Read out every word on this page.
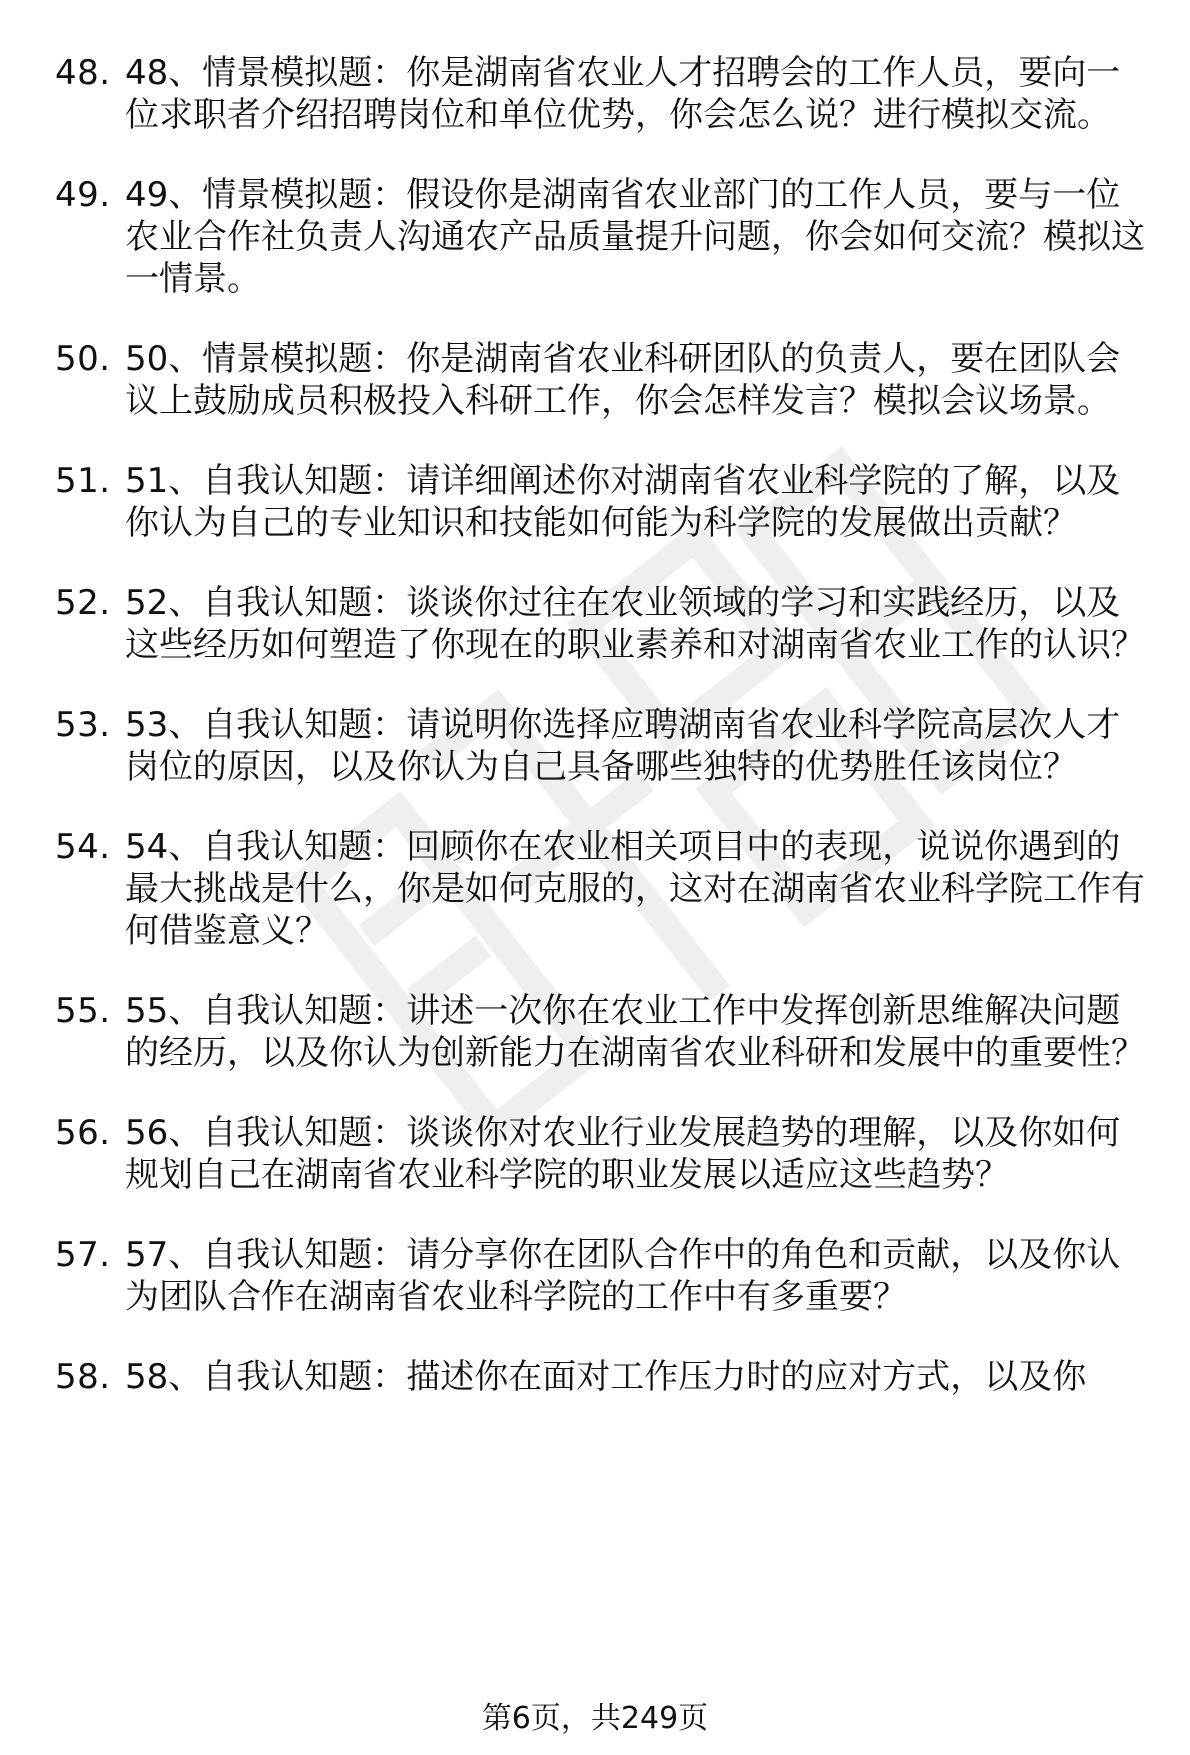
48. 48、情景模拟题：你是湖南省农业人才招聘会的工作人员，要向一位求职者介绍招聘岗位和单位优势，你会怎么说？进行模拟交流。
49. 49、情景模拟题：假设你是湖南省农业部门的工作人员，要与一位农业合作社负责人沟通农产品质量提升问题，你会如何交流？模拟这一情景。
50. 50、情景模拟题：你是湖南省农业科研团队的负责人，要在团队会议上鼓励成员积极投入科研工作，你会怎样发言？模拟会议场景。
51. 51、自我认知题：请详细阐述你对湖南省农业科学院的了解，以及你认为自己的专业知识和技能如何能为科学院的发展做出贡献？
52. 52、自我认知题：谈谈你过往在农业领域的学习和实践经历，以及这些经历如何塑造了你现在的职业素养和对湖南省农业工作的认识？
53. 53、自我认知题：请说明你选择应聘湖南省农业科学院高层次人才岗位的原因，以及你认为自己具备哪些独特的优势胜任该岗位？
54. 54、自我认知题：回顾你在农业相关项目中的表现，说说你遇到的最大挑战是什么，你是如何克服的，这对在湖南省农业科学院工作有何借鉴意义？
55. 55、自我认知题：讲述一次你在农业工作中发挥创新思维解决问题的经历，以及你认为创新能力在湖南省农业科研和发展中的重要性？
56. 56、自我认知题：谈谈你对农业行业发展趋势的理解，以及你如何规划自己在湖南省农业科学院的职业发展以适应这些趋势？
57. 57、自我认知题：请分享你在团队合作中的角色和贡献，以及你认为团队合作在湖南省农业科学院的工作中有多重要？
58. 58、自我认知题：描述你在面对工作压力时的应对方式，以及你
第6页，共249页
